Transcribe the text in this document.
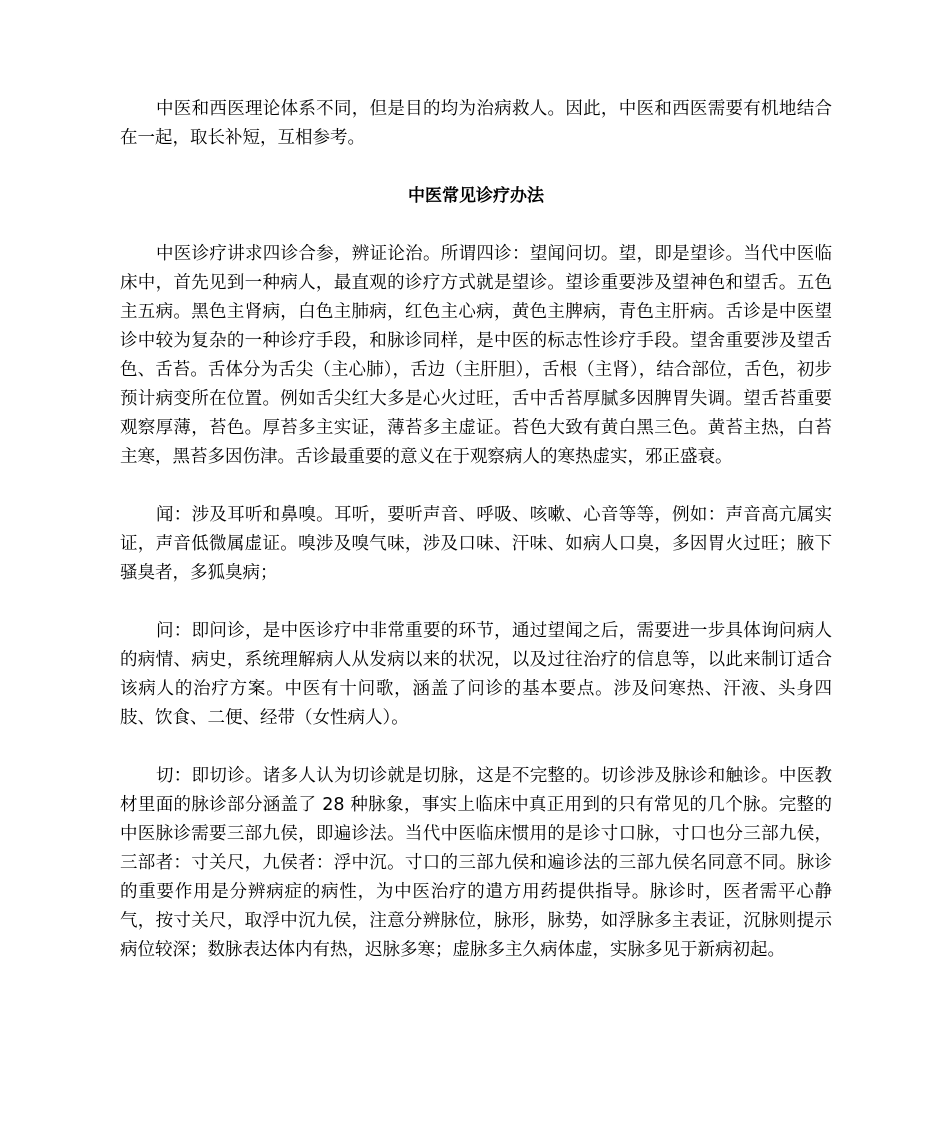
中医和西医理论体系不同，但是目的均为治病救人。因此，中医和西医需要有机地结合在一起，取长补短，互相参考。

中医常见诊疗办法

中医诊疗讲求四诊合参，辨证论治。所谓四诊：望闻问切。望，即是望诊。当代中医临床中，首先见到一种病人，最直观的诊疗方式就是望诊。望诊重要涉及望神色和望舌。五色主五病。黑色主肾病，白色主肺病，红色主心病，黄色主脾病，青色主肝病。舌诊是中医望诊中较为复杂的一种诊疗手段，和脉诊同样，是中医的标志性诊疗手段。望舍重要涉及望舌色、舌苔。舌体分为舌尖（主心肺），舌边（主肝胆），舌根（主肾），结合部位，舌色，初步预计病变所在位置。例如舌尖红大多是心火过旺，舌中舌苔厚腻多因脾胃失调。望舌苔重要观察厚薄，苔色。厚苔多主实证，薄苔多主虚证。苔色大致有黄白黑三色。黄苔主热，白苔主寒，黑苔多因伤津。舌诊最重要的意义在于观察病人的寒热虚实，邪正盛衰。

闻：涉及耳听和鼻嗅。耳听，要听声音、呼吸、咳嗽、心音等等，例如：声音高亢属实证，声音低微属虚证。嗅涉及嗅气味，涉及口味、汗味、如病人口臭，多因胃火过旺；腋下骚臭者，多狐臭病；

问：即问诊，是中医诊疗中非常重要的环节，通过望闻之后，需要进一步具体询问病人的病情、病史，系统理解病人从发病以来的状况，以及过往治疗的信息等，以此来制订适合该病人的治疗方案。中医有十问歌，涵盖了问诊的基本要点。涉及问寒热、汗液、头身四肢、饮食、二便、经带（女性病人）。

切：即切诊。诸多人认为切诊就是切脉，这是不完整的。切诊涉及脉诊和触诊。中医教材里面的脉诊部分涵盖了 28 种脉象，事实上临床中真正用到的只有常见的几个脉。完整的中医脉诊需要三部九侯，即遍诊法。当代中医临床惯用的是诊寸口脉，寸口也分三部九侯，三部者：寸关尺，九侯者：浮中沉。寸口的三部九侯和遍诊法的三部九侯名同意不同。脉诊的重要作用是分辨病症的病性，为中医治疗的遣方用药提供指导。脉诊时，医者需平心静气，按寸关尺，取浮中沉九侯，注意分辨脉位，脉形，脉势，如浮脉多主表证，沉脉则提示病位较深；数脉表达体内有热，迟脉多寒；虚脉多主久病体虚，实脉多见于新病初起。
